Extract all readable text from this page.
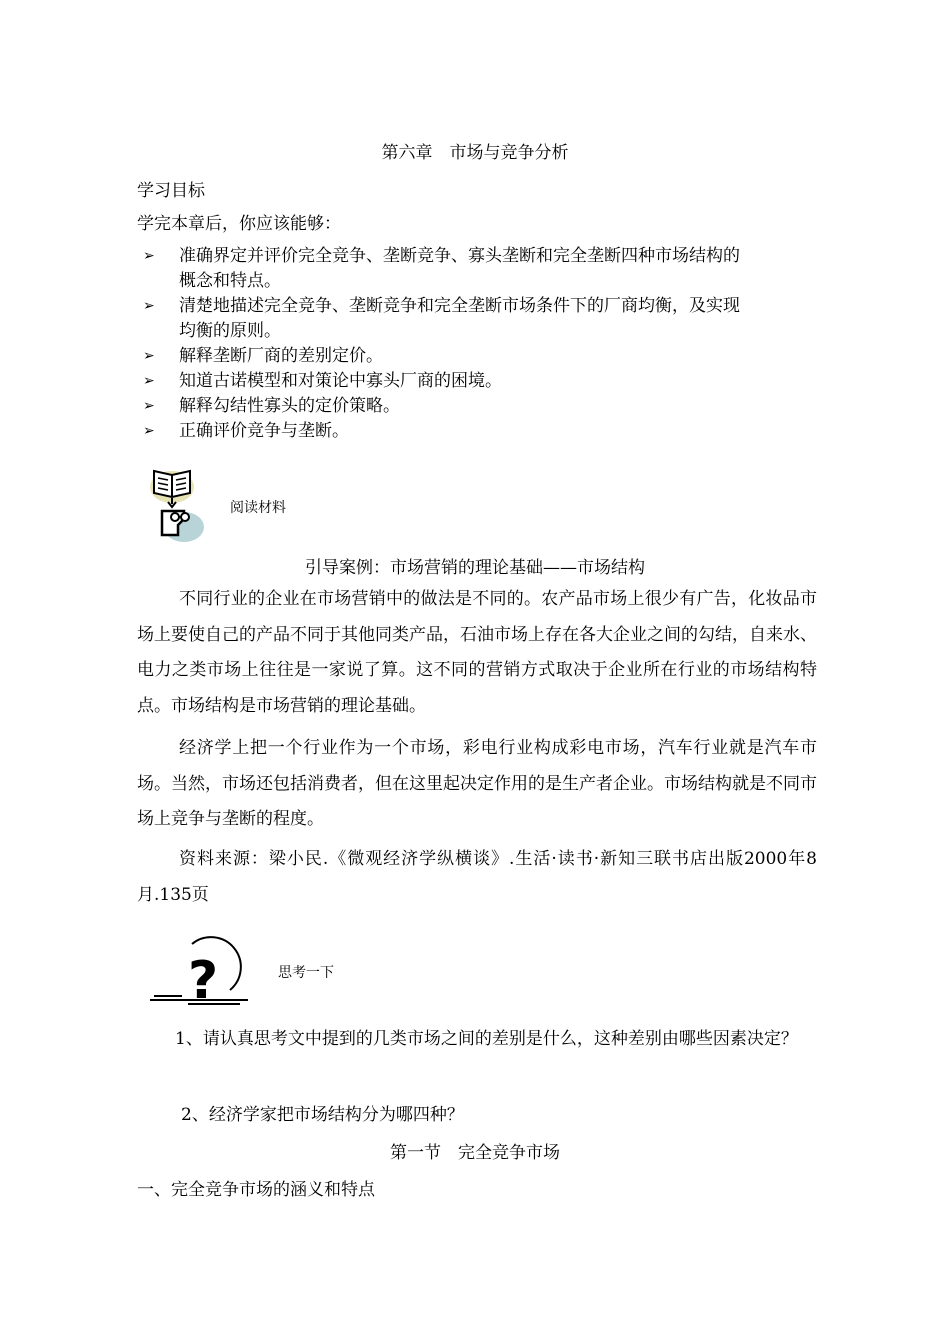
第六章　市场与竞争分析
学习目标
学完本章后，你应该能够：
➢ 准确界定并评价完全竞争、垄断竞争、寡头垄断和完全垄断四种市场结构的
概念和特点。
➢ 清楚地描述完全竞争、垄断竞争和完全垄断市场条件下的厂商均衡，及实现
均衡的原则。
➢ 解释垄断厂商的差别定价。
➢ 知道古诺模型和对策论中寡头厂商的困境。
➢ 解释勾结性寡头的定价策略。
➢ 正确评价竞争与垄断。
阅读材料
引导案例：市场营销的理论基础——市场结构
不同行业的企业在市场营销中的做法是不同的。农产品市场上很少有广告，化妆品市场上要使自己的产品不同于其他同类产品，石油市场上存在各大企业之间的勾结，自来水、电力之类市场上往往是一家说了算。这不同的营销方式取决于企业所在行业的市场结构特点。市场结构是市场营销的理论基础。
经济学上把一个行业作为一个市场，彩电行业构成彩电市场，汽车行业就是汽车市场。当然，市场还包括消费者，但在这里起决定作用的是生产者企业。市场结构就是不同市场上竞争与垄断的程度。
资料来源：梁小民.《微观经济学纵横谈》.生活·读书·新知三联书店出版2000年8月.135页
?	思考一下
1、请认真思考文中提到的几类市场之间的差别是什么，这种差别由哪些因素决定？
2、经济学家把市场结构分为哪四种？
第一节　完全竞争市场
一、完全竞争市场的涵义和特点
